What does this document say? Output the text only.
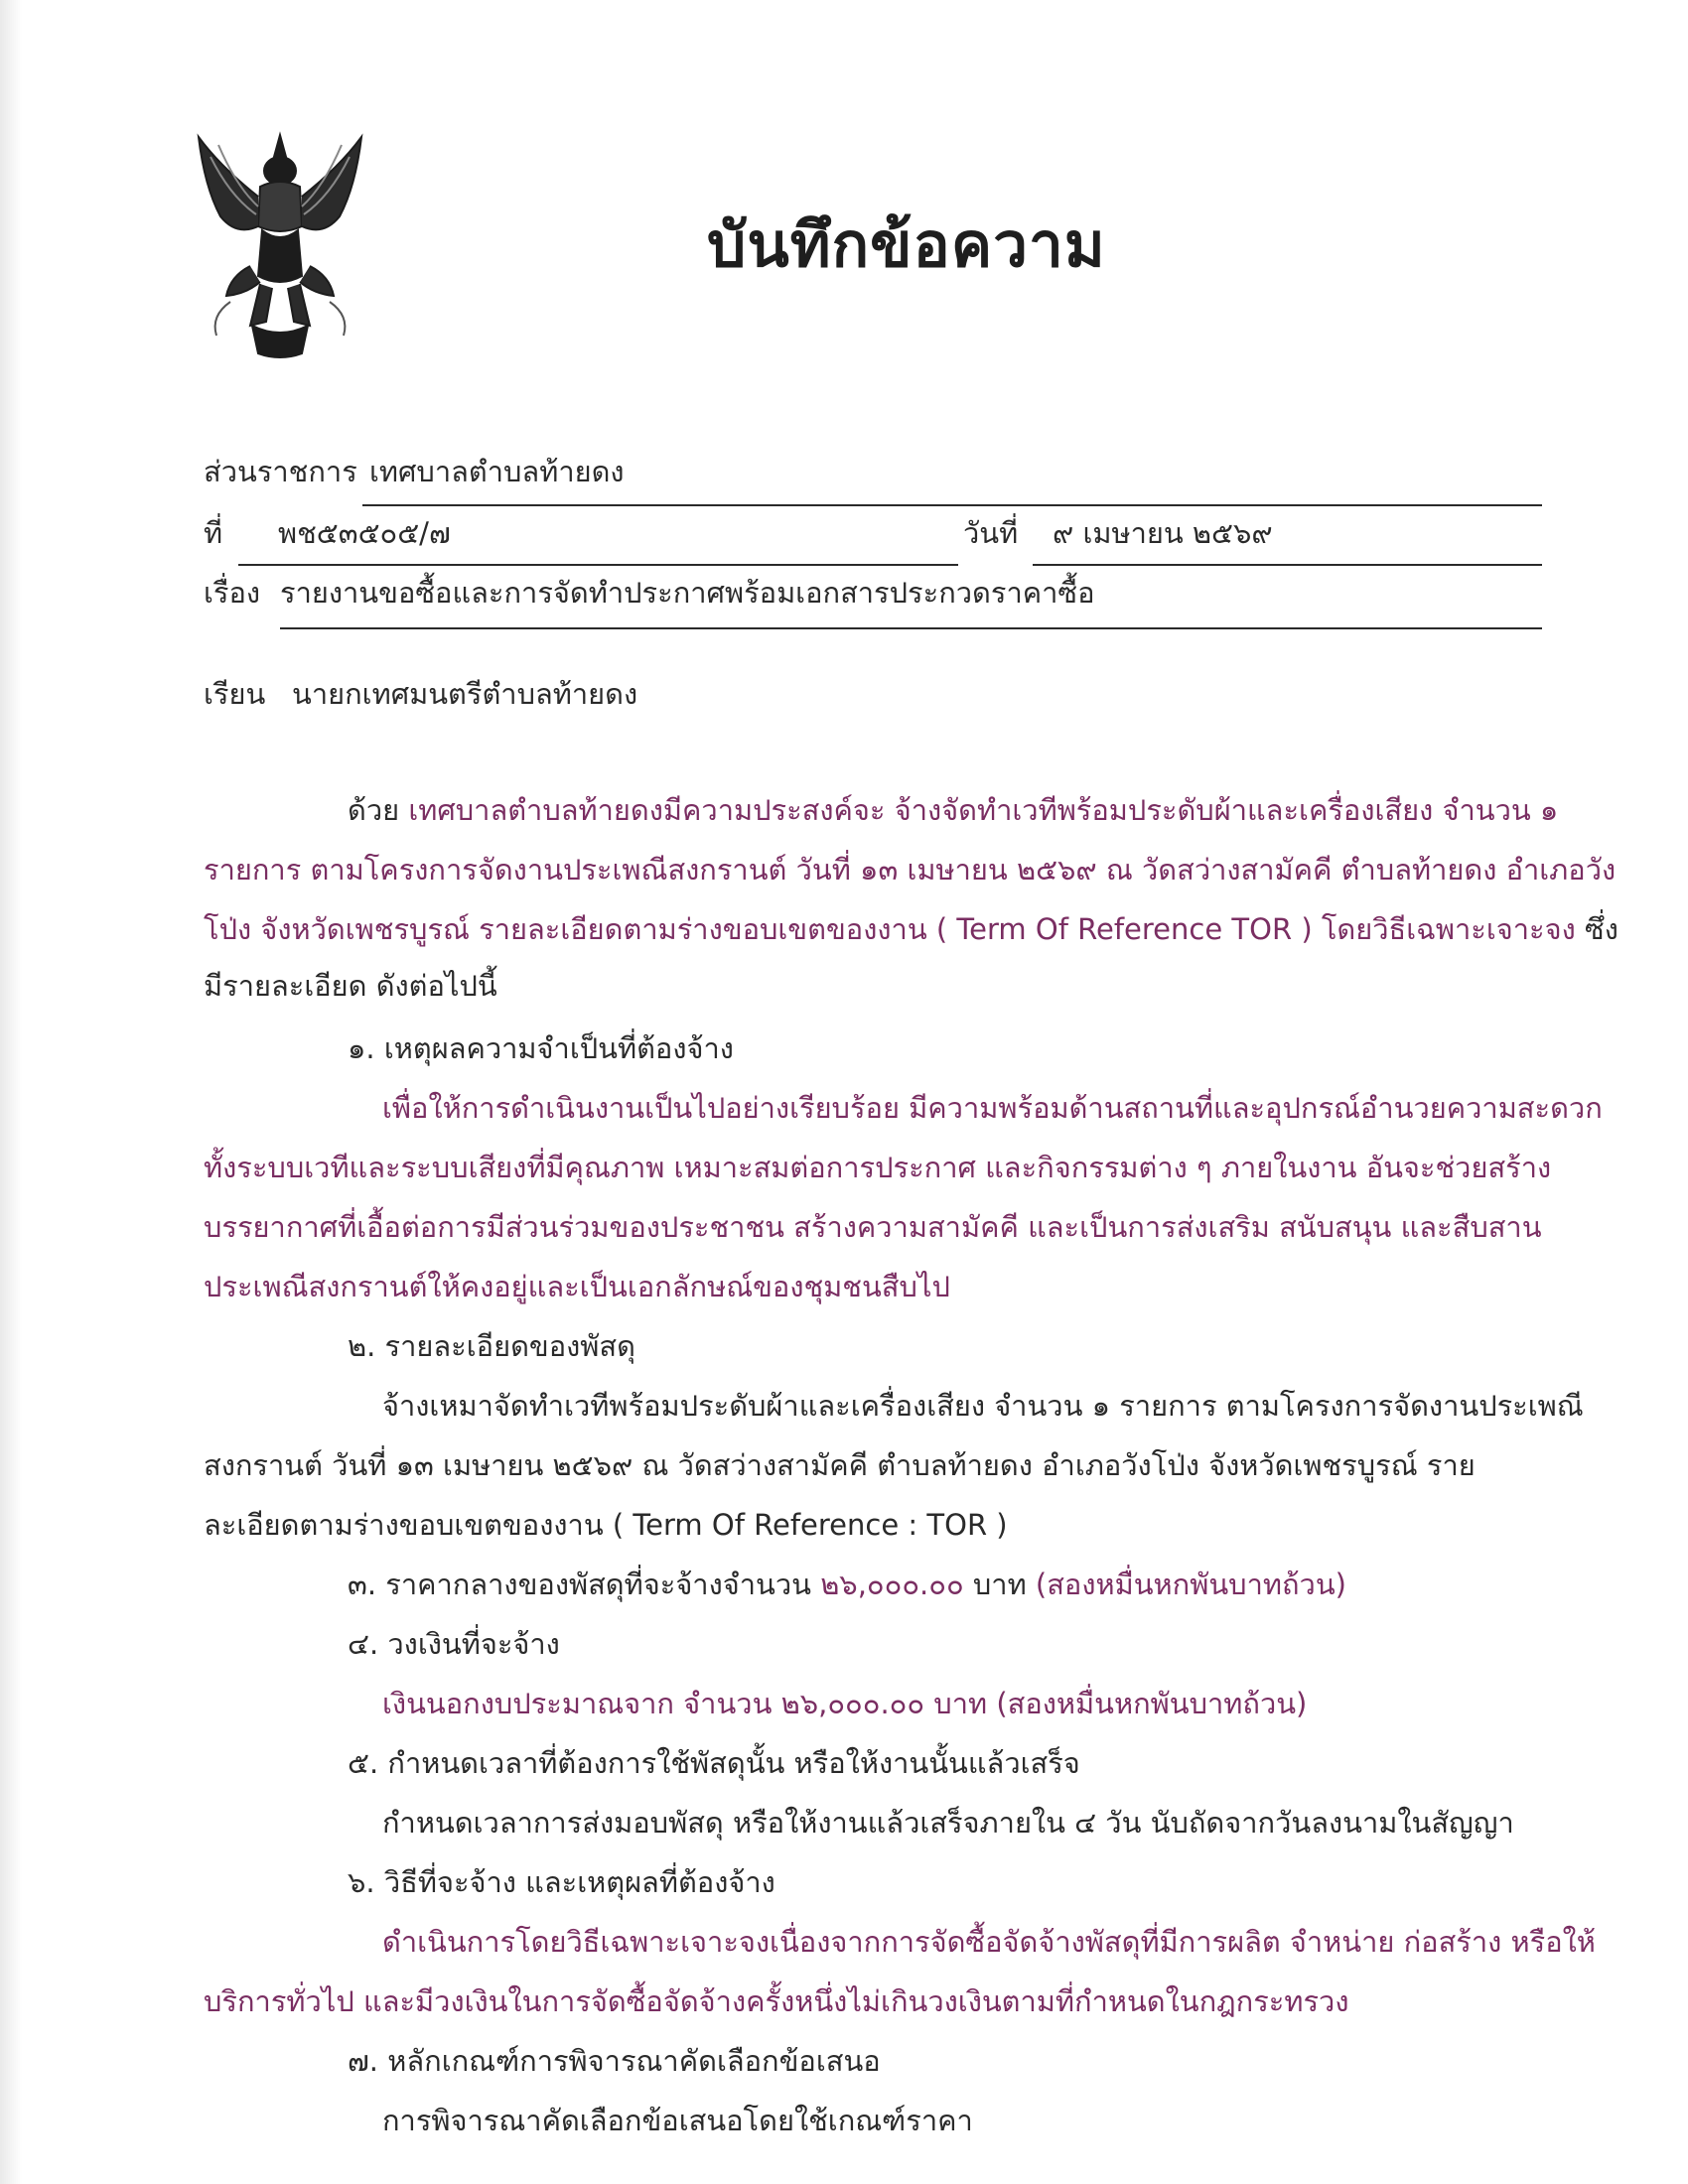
บันทึกข้อความ
ส่วนราชการ เทศบาลตำบลท้ายดง
ที่ พช๕๓๕๐๕/๗	วันที่ ๙ เมษายน ๒๕๖๙
เรื่อง รายงานขอซื้อและการจัดทำประกาศพร้อมเอกสารประกวดราคาซื้อ
เรียน นายกเทศมนตรีตำบลท้ายดง
ด้วย เทศบาลตำบลท้ายดงมีความประสงค์จะ จ้างจัดทำเวทีพร้อมประดับผ้าและเครื่องเสียง จำนวน ๑
รายการ ตามโครงการจัดงานประเพณีสงกรานต์ วันที่ ๑๓ เมษายน ๒๕๖๙ ณ วัดสว่างสามัคคี ตำบลท้ายดง อำเภอวัง
โป่ง จังหวัดเพชรบูรณ์ รายละเอียดตามร่างขอบเขตของงาน ( Term Of Reference TOR ) โดยวิธีเฉพาะเจาะจง ซึ่ง
มีรายละเอียด ดังต่อไปนี้
๑. เหตุผลความจำเป็นที่ต้องจ้าง
เพื่อให้การดำเนินงานเป็นไปอย่างเรียบร้อย มีความพร้อมด้านสถานที่และอุปกรณ์อำนวยความสะดวก
ทั้งระบบเวทีและระบบเสียงที่มีคุณภาพ เหมาะสมต่อการประกาศ และกิจกรรมต่าง ๆ ภายในงาน อันจะช่วยสร้าง
บรรยากาศที่เอื้อต่อการมีส่วนร่วมของประชาชน สร้างความสามัคคี และเป็นการส่งเสริม สนับสนุน และสืบสาน
ประเพณีสงกรานต์ให้คงอยู่และเป็นเอกลักษณ์ของชุมชนสืบไป
๒. รายละเอียดของพัสดุ
จ้างเหมาจัดทำเวทีพร้อมประดับผ้าและเครื่องเสียง จำนวน ๑ รายการ ตามโครงการจัดงานประเพณี
สงกรานต์ วันที่ ๑๓ เมษายน ๒๕๖๙ ณ วัดสว่างสามัคคี ตำบลท้ายดง อำเภอวังโป่ง จังหวัดเพชรบูรณ์ ราย
ละเอียดตามร่างขอบเขตของงาน ( Term Of Reference : TOR )
๓. ราคากลางของพัสดุที่จะจ้างจำนวน ๒๖,๐๐๐.๐๐ บาท (สองหมื่นหกพันบาทถ้วน)
๔. วงเงินที่จะจ้าง
เงินนอกงบประมาณจาก จำนวน ๒๖,๐๐๐.๐๐ บาท (สองหมื่นหกพันบาทถ้วน)
๕. กำหนดเวลาที่ต้องการใช้พัสดุนั้น หรือให้งานนั้นแล้วเสร็จ
กำหนดเวลาการส่งมอบพัสดุ หรือให้งานแล้วเสร็จภายใน ๔ วัน นับถัดจากวันลงนามในสัญญา
๖. วิธีที่จะจ้าง และเหตุผลที่ต้องจ้าง
ดำเนินการโดยวิธีเฉพาะเจาะจงเนื่องจากการจัดซื้อจัดจ้างพัสดุที่มีการผลิต จำหน่าย ก่อสร้าง หรือให้
บริการทั่วไป และมีวงเงินในการจัดซื้อจัดจ้างครั้งหนึ่งไม่เกินวงเงินตามที่กำหนดในกฎกระทรวง
๗. หลักเกณฑ์การพิจารณาคัดเลือกข้อเสนอ
การพิจารณาคัดเลือกข้อเสนอโดยใช้เกณฑ์ราคา
